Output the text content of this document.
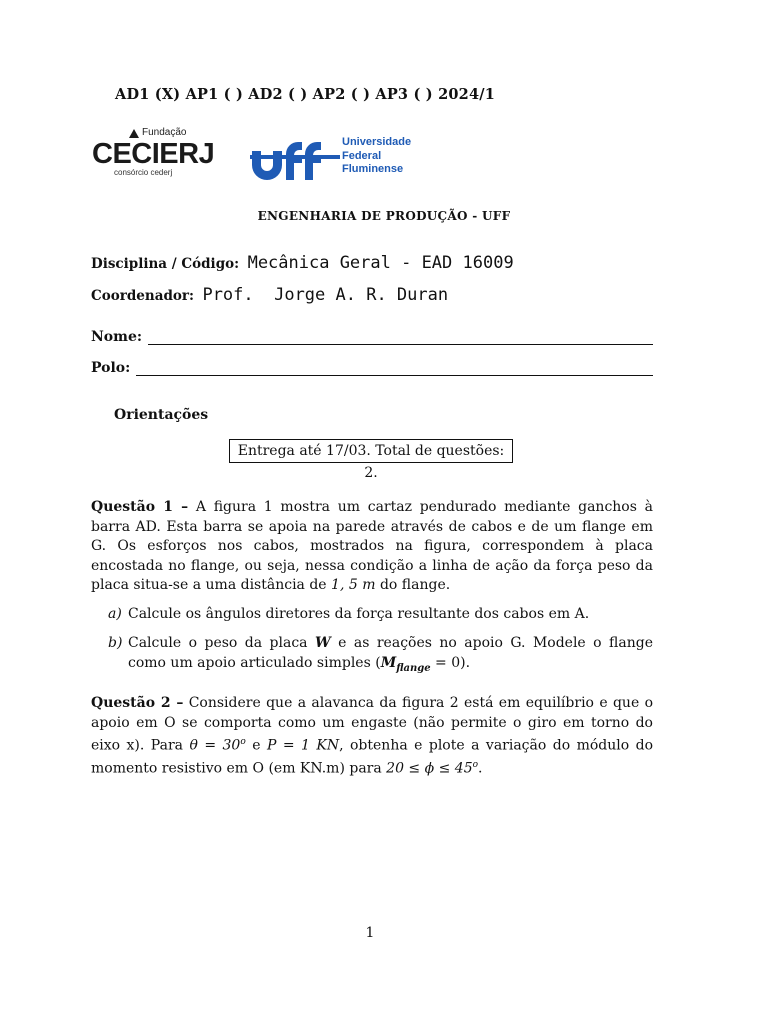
AD1 (X) AP1 ( ) AD2 ( ) AP2 ( ) AP3 ( ) 2024/1
Fundação
CECIERJ
consórcio cederj
Universidade
Federal
Fluminense
ENGENHARIA DE PRODUÇÃO - UFF
Disciplina / Código: Mecânica Geral - EAD 16009
Coordenador: Prof.  Jorge A. R. Duran
Nome:
Polo:
Orientações
Entrega até 17/03. Total de questões: 2.
Questão 1 – A figura 1 mostra um cartaz pendurado mediante ganchos à barra AD. Esta barra se apoia na parede através de cabos e de um flange em G. Os esforços nos cabos, mostrados na figura, correspondem à placa encostada no flange, ou seja, nessa condição a linha de ação da força peso da placa situa-se a uma distância de 1, 5 m do flange.
a) Calcule os ângulos diretores da força resultante dos cabos em A.
b) Calcule o peso da placa W e as reações no apoio G. Modele o flange como um apoio articulado simples $(M_{flange} = 0)$.
Questão 2 – Considere que a alavanca da figura 2 está em equilíbrio e que o apoio em O se comporta como um engaste (não permite o giro em torno do eixo x). Para $\theta = 30^o$ e P = 1 KN, obtenha e plote a variação do módulo do momento resistivo em O (em KN.m) para $20 \le \phi \le 45^o$.
1
